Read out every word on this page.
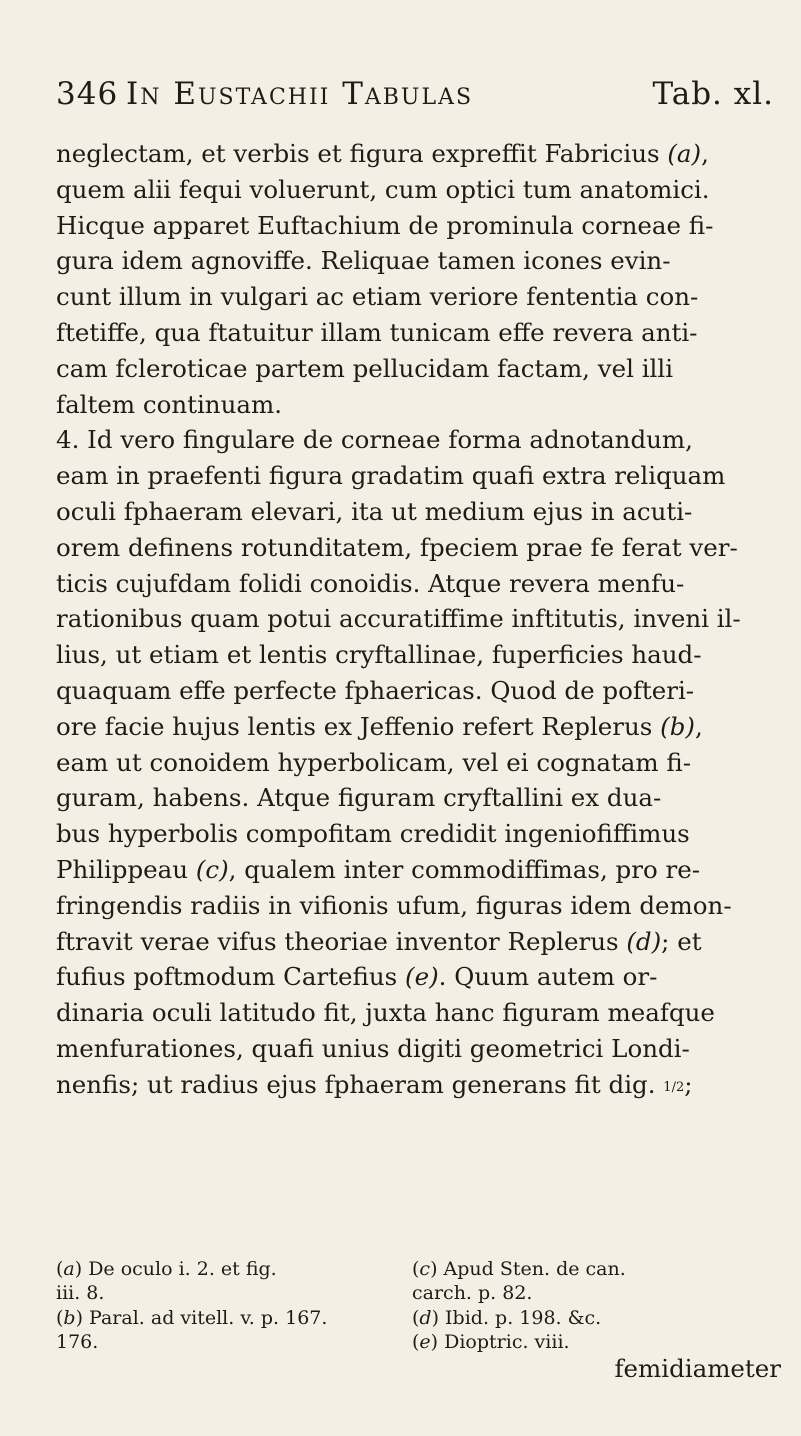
346 In Eustachii Tabulas	Tab. xl.
neglectam, et verbis et figura expreffit Fabricius (a),
quem alii fequi voluerunt, cum optici tum anatomici.
Hicque apparet Euftachium de prominula corneae fi-
gura idem agnoviffe. Reliquae tamen icones evin-
cunt illum in vulgari ac etiam veriore fententia con-
ftetiffe, qua ftatuitur illam tunicam effe revera anti-
cam fcleroticae partem pellucidam factam, vel illi
faltem continuam.
4. Id vero fingulare de corneae forma adnotandum,
eam in praefenti figura gradatim quafi extra reliquam
oculi fphaeram elevari, ita ut medium ejus in acuti-
orem definens rotunditatem, fpeciem prae fe ferat ver-
ticis cujufdam folidi conoidis. Atque revera menfu-
rationibus quam potui accuratiffime inftitutis, inveni il-
lius, ut etiam et lentis cryftallinae, fuperficies haud-
quaquam effe perfecte fphaericas. Quod de pofteri-
ore facie hujus lentis ex Jeffenio refert Replerus (b),
eam ut conoidem hyperbolicam, vel ei cognatam fi-
guram, habens. Atque figuram cryftallini ex dua-
bus hyperbolis compofitam credidit ingeniofiffimus
Philippeau (c), qualem inter commodiffimas, pro re-
fringendis radiis in vifionis ufum, figuras idem demon-
ftravit verae vifus theoriae inventor Replerus (d); et
fufius poftmodum Cartefius (e). Quum autem or-
dinaria oculi latitudo fit, juxta hanc figuram meafque
menfurationes, quafi unius digiti geometrici Londi-
nenfis; ut radius ejus fphaeram generans fit dig. 1/2;
(a) De oculo i. 2. et fig.
iii. 8.
(b) Paral. ad vitell. v. p. 167.
176.
(c) Apud Sten. de can.
carch. p. 82.
(d) Ibid. p. 198. &c.
(e) Dioptric. viii.
femidiameter
